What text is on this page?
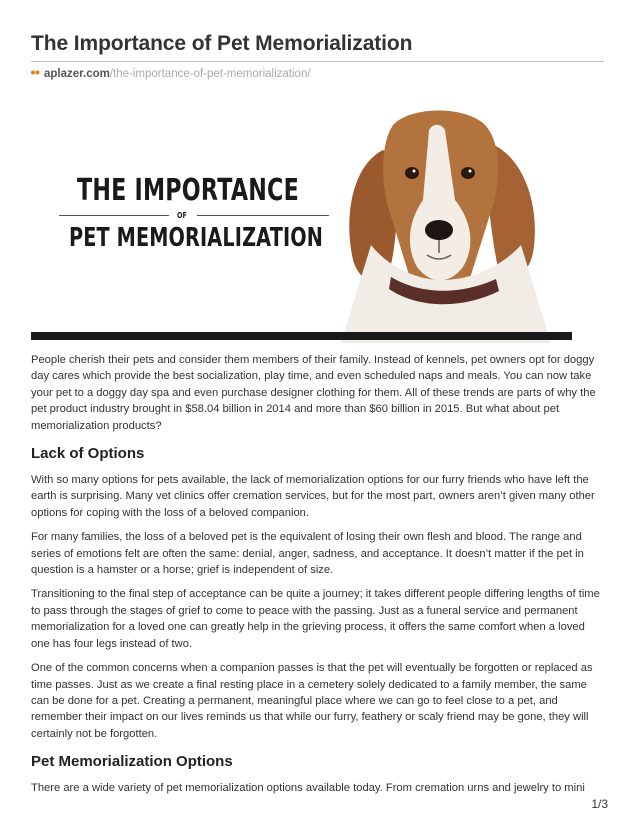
The Importance of Pet Memorialization
aplazer.com/the-importance-of-pet-memorialization/
THE IMPORTANCE
OF
PET MEMORIALIZATION

People cherish their pets and consider them members of their family. Instead of kennels, pet owners opt for doggy day cares which provide the best socialization, play time, and even scheduled naps and meals. You can now take your pet to a doggy day spa and even purchase designer clothing for them. All of these trends are parts of why the pet product industry brought in $58.04 billion in 2014 and more than $60 billion in 2015. But what about pet memorialization products?

Lack of Options

With so many options for pets available, the lack of memorialization options for our furry friends who have left the earth is surprising. Many vet clinics offer cremation services, but for the most part, owners aren’t given many other options for coping with the loss of a beloved companion.

For many families, the loss of a beloved pet is the equivalent of losing their own flesh and blood. The range and series of emotions felt are often the same: denial, anger, sadness, and acceptance. It doesn’t matter if the pet in question is a hamster or a horse; grief is independent of size.

Transitioning to the final step of acceptance can be quite a journey; it takes different people differing lengths of time to pass through the stages of grief to come to peace with the passing. Just as a funeral service and permanent memorialization for a loved one can greatly help in the grieving process, it offers the same comfort when a loved one has four legs instead of two.

One of the common concerns when a companion passes is that the pet will eventually be forgotten or replaced as time passes. Just as we create a final resting place in a cemetery solely dedicated to a family member, the same can be done for a pet. Creating a permanent, meaningful place where we can go to feel close to a pet, and remember their impact on our lives reminds us that while our furry, feathery or scaly friend may be gone, they will certainly not be forgotten.

Pet Memorialization Options

There are a wide variety of pet memorialization options available today. From cremation urns and jewelry to mini

1/3
